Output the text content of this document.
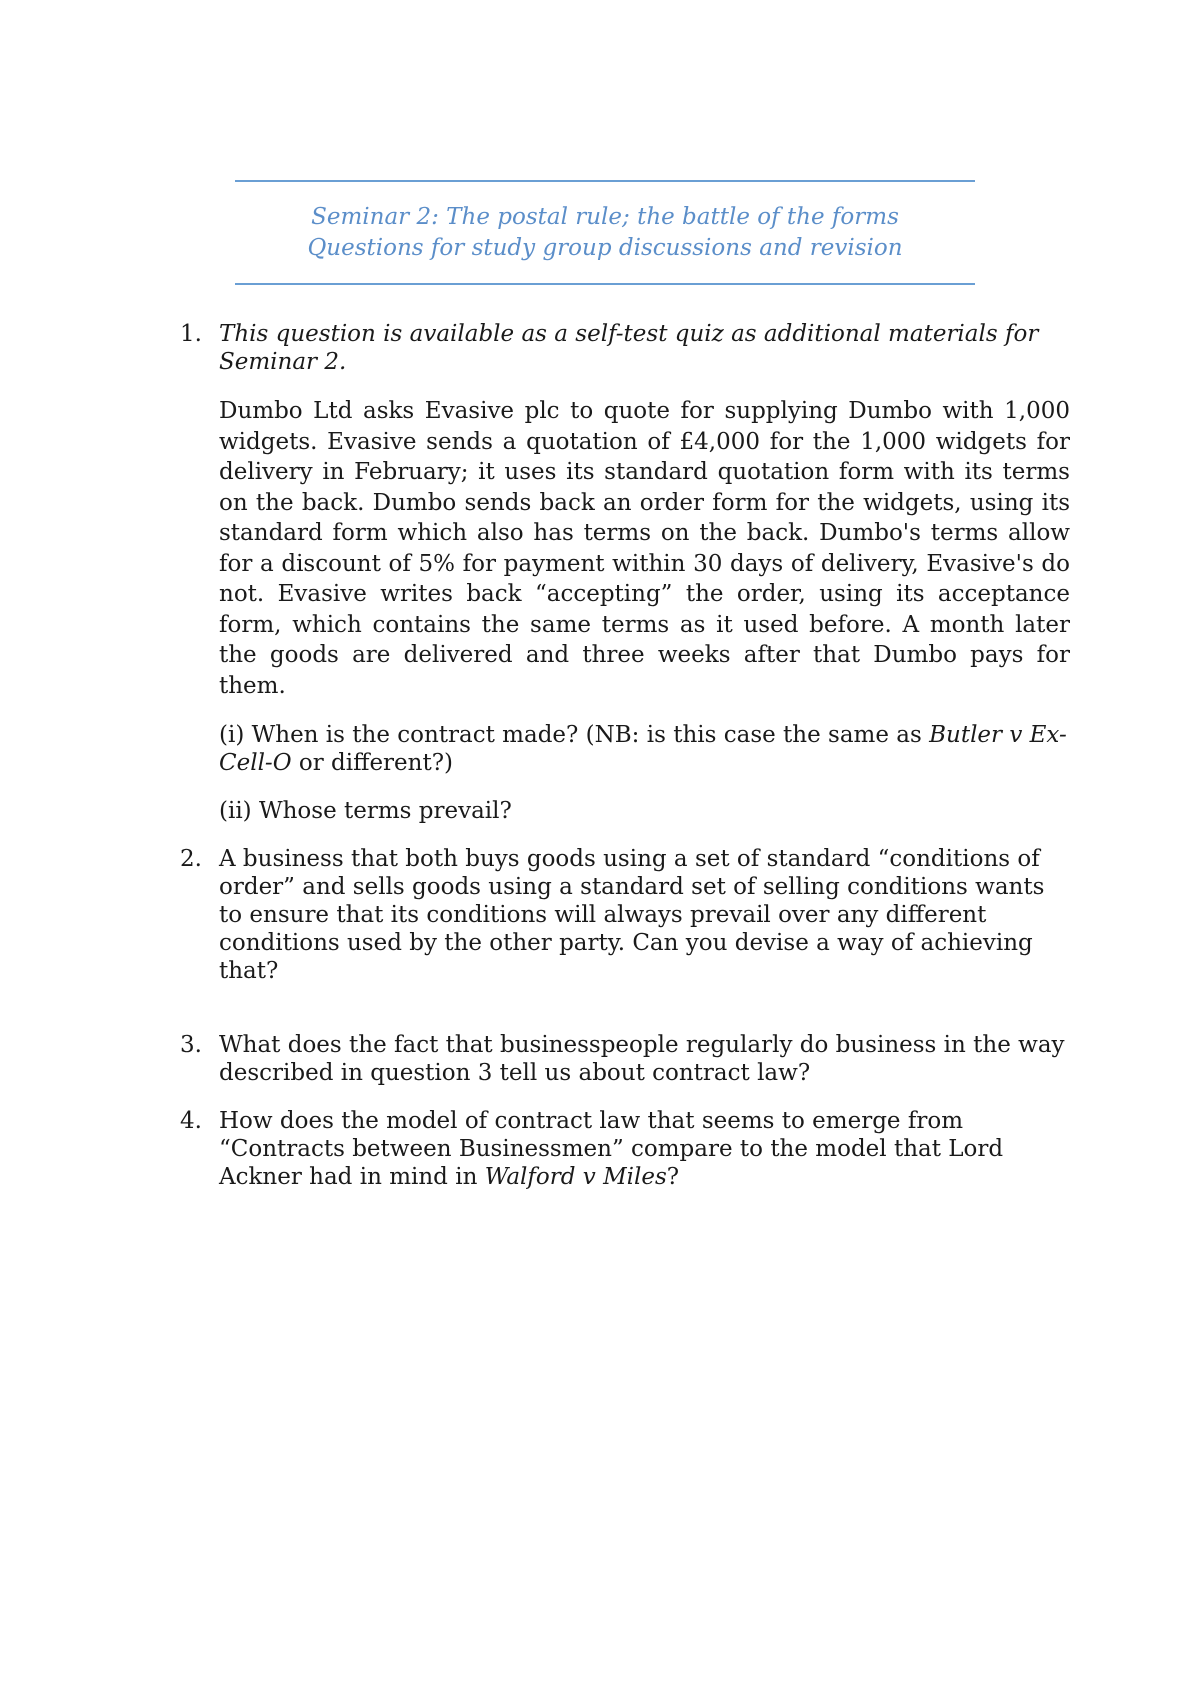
Seminar 2: The postal rule; the battle of the forms
Questions for study group discussions and revision
1. This question is available as a self-test quiz as additional materials for Seminar 2.

Dumbo Ltd asks Evasive plc to quote for supplying Dumbo with 1,000 widgets. Evasive sends a quotation of £4,000 for the 1,000 widgets for delivery in February; it uses its standard quotation form with its terms on the back. Dumbo sends back an order form for the widgets, using its standard form which also has terms on the back. Dumbo's terms allow for a discount of 5% for payment within 30 days of delivery, Evasive's do not. Evasive writes back “accepting” the order, using its acceptance form, which contains the same terms as it used before. A month later the goods are delivered and three weeks after that Dumbo pays for them.

(i) When is the contract made? (NB: is this case the same as Butler v Ex-Cell-O or different?)

(ii) Whose terms prevail?

2. A business that both buys goods using a set of standard “conditions of order” and sells goods using a standard set of selling conditions wants to ensure that its conditions will always prevail over any different conditions used by the other party. Can you devise a way of achieving that?

3. What does the fact that businesspeople regularly do business in the way described in question 3 tell us about contract law?

4. How does the model of contract law that seems to emerge from “Contracts between Businessmen” compare to the model that Lord Ackner had in mind in Walford v Miles?
